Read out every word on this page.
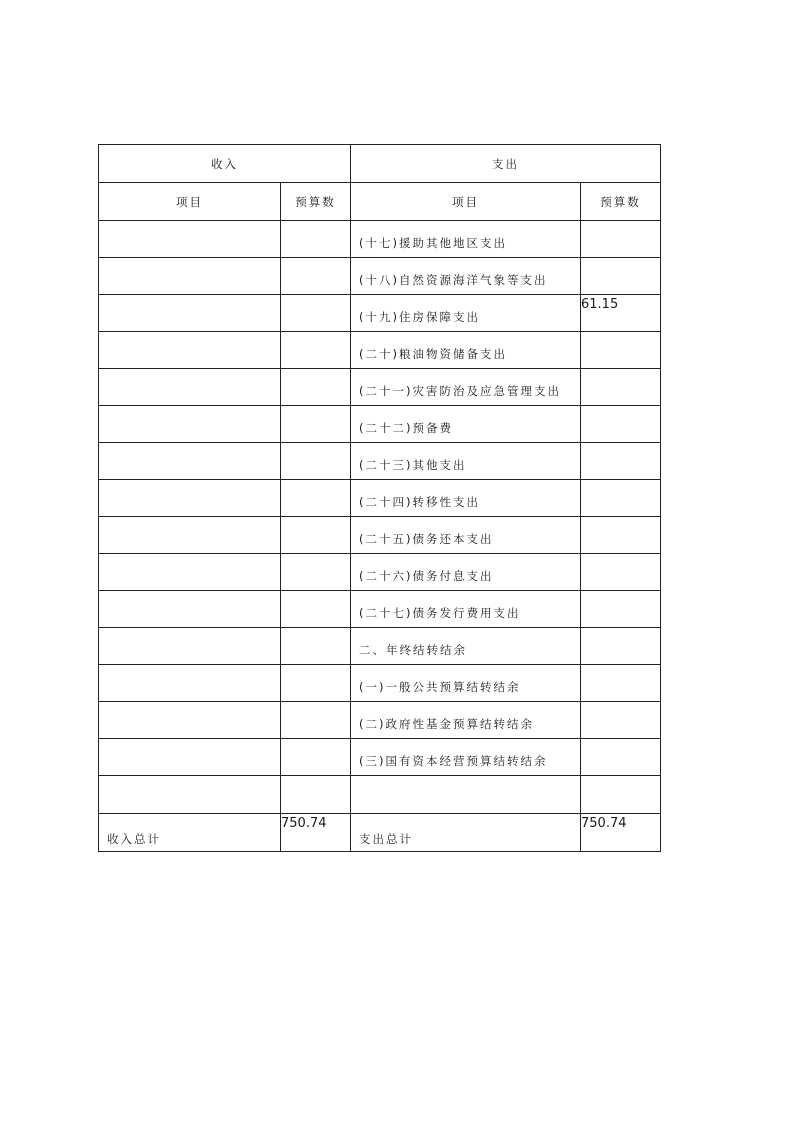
收入		支出	
项目	预算数	项目	预算数
		(十七)援助其他地区支出	
		(十八)自然资源海洋气象等支出	
		(十九)住房保障支出	61.15
		(二十)粮油物资储备支出	
		(二十一)灾害防治及应急管理支出	
		(二十二)预备费	
		(二十三)其他支出	
		(二十四)转移性支出	
		(二十五)债务还本支出	
		(二十六)债务付息支出	
		(二十七)债务发行费用支出	
		二、年终结转结余	
		(一)一般公共预算结转结余	
		(二)政府性基金预算结转结余	
		(三)国有资本经营预算结转结余	

收入总计	750.74	支出总计	750.74
